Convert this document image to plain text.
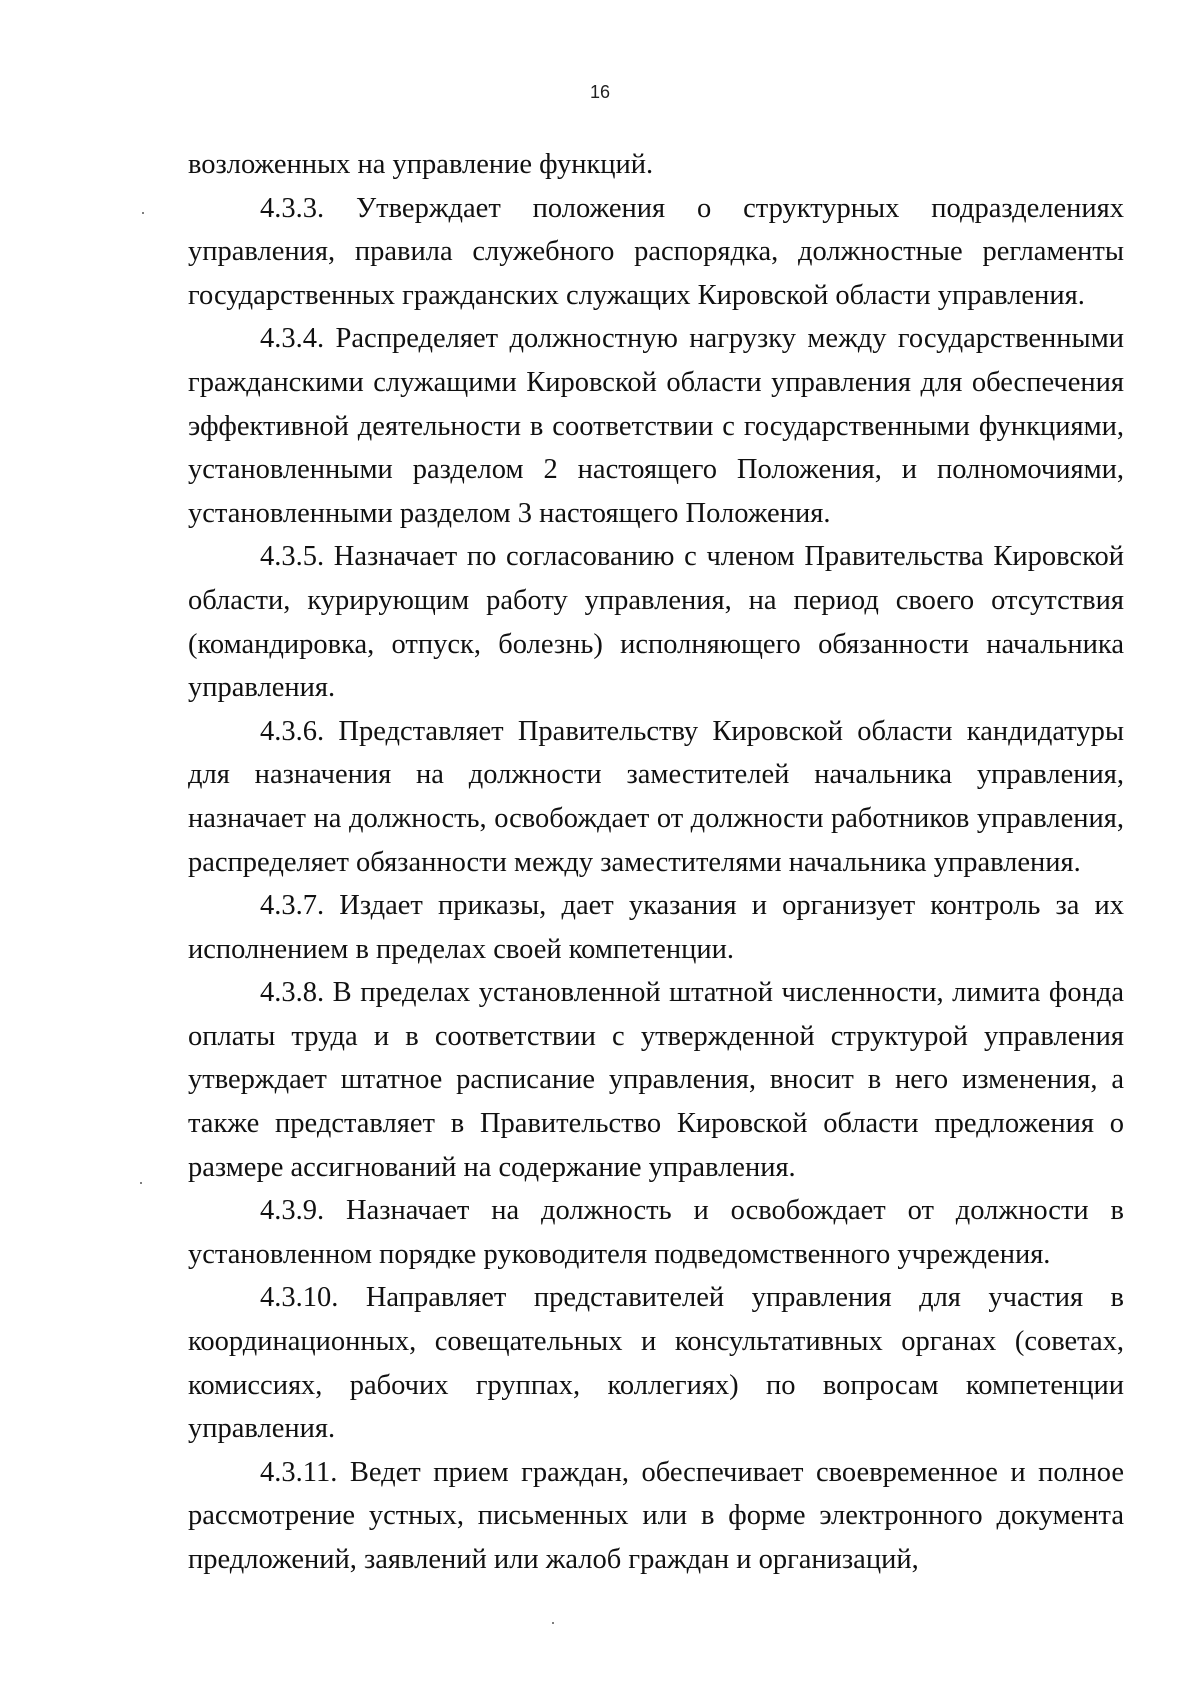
16

возложенных на управление функций.

4.3.3. Утверждает положения о структурных подразделениях управления, правила служебного распорядка, должностные регламенты государственных гражданских служащих Кировской области управления.

4.3.4. Распределяет должностную нагрузку между государственными гражданскими служащими Кировской области управления для обеспечения эффективной деятельности в соответствии с государственными функциями, установленными разделом 2 настоящего Положения, и полномочиями, установленными разделом 3 настоящего Положения.

4.3.5. Назначает по согласованию с членом Правительства Кировской области, курирующим работу управления, на период своего отсутствия (командировка, отпуск, болезнь) исполняющего обязанности начальника управления.

4.3.6. Представляет Правительству Кировской области кандидатуры для назначения на должности заместителей начальника управления, назначает на должность, освобождает от должности работников управления, распределяет обязанности между заместителями начальника управления.

4.3.7. Издает приказы, дает указания и организует контроль за их исполнением в пределах своей компетенции.

4.3.8. В пределах установленной штатной численности, лимита фонда оплаты труда и в соответствии с утвержденной структурой управления утверждает штатное расписание управления, вносит в него изменения, а также представляет в Правительство Кировской области предложения о размере ассигнований на содержание управления.

4.3.9. Назначает на должность и освобождает от должности в установленном порядке руководителя подведомственного учреждения.

4.3.10. Направляет представителей управления для участия в координационных, совещательных и консультативных органах (советах, комиссиях, рабочих группах, коллегиях) по вопросам компетенции управления.

4.3.11. Ведет прием граждан, обеспечивает своевременное и полное рассмотрение устных, письменных или в форме электронного документа предложений, заявлений или жалоб граждан и организаций,
